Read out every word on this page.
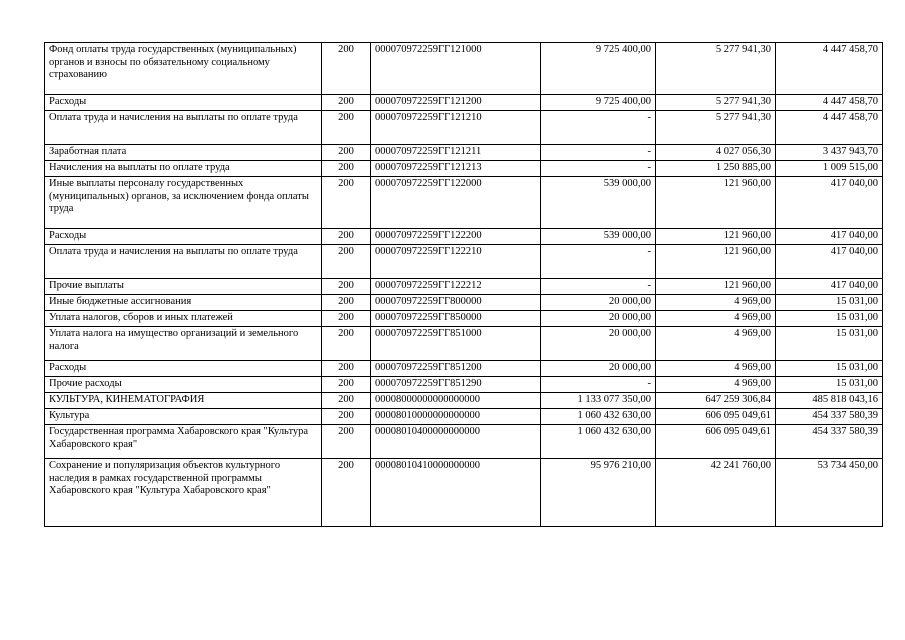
Фонд оплаты труда государственных (муниципальных) органов и взносы по обязательному социальному страхованию	200	000070972259ГГ121000	9 725 400,00	5 277 941,30	4 447 458,70
Расходы	200	000070972259ГГ121200	9 725 400,00	5 277 941,30	4 447 458,70
Оплата труда и начисления на выплаты по оплате труда	200	000070972259ГГ121210	-	5 277 941,30	4 447 458,70
Заработная плата	200	000070972259ГГ121211	-	4 027 056,30	3 437 943,70
Начисления на выплаты по оплате труда	200	000070972259ГГ121213	-	1 250 885,00	1 009 515,00
Иные выплаты персоналу государственных (муниципальных) органов, за исключением фонда оплаты труда	200	000070972259ГГ122000	539 000,00	121 960,00	417 040,00
Расходы	200	000070972259ГГ122200	539 000,00	121 960,00	417 040,00
Оплата труда и начисления на выплаты по оплате труда	200	000070972259ГГ122210	-	121 960,00	417 040,00
Прочие выплаты	200	000070972259ГГ122212	-	121 960,00	417 040,00
Иные бюджетные ассигнования	200	000070972259ГГ800000	20 000,00	4 969,00	15 031,00
Уплата налогов, сборов и иных платежей	200	000070972259ГГ850000	20 000,00	4 969,00	15 031,00
Уплата налога на имущество организаций и земельного налога	200	000070972259ГГ851000	20 000,00	4 969,00	15 031,00
Расходы	200	000070972259ГГ851200	20 000,00	4 969,00	15 031,00
Прочие расходы	200	000070972259ГГ851290	-	4 969,00	15 031,00
КУЛЬТУРА, КИНЕМАТОГРАФИЯ	200	00008000000000000000	1 133 077 350,00	647 259 306,84	485 818 043,16
Культура	200	00008010000000000000	1 060 432 630,00	606 095 049,61	454 337 580,39
Государственная программа Хабаровского края "Культура Хабаровского края"	200	00008010400000000000	1 060 432 630,00	606 095 049,61	454 337 580,39
Сохранение и популяризация объектов культурного наследия в рамках государственной программы Хабаровского края "Культура Хабаровского края"	200	00008010410000000000	95 976 210,00	42 241 760,00	53 734 450,00
